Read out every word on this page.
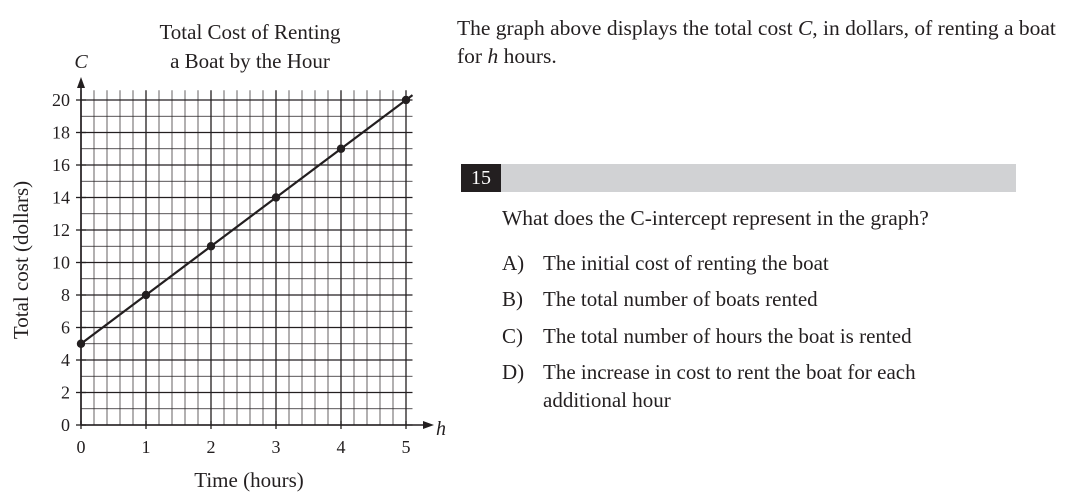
Total Cost of Renting
a Boat by the Hour
C
h
Time (hours)
Total cost (dollars)
0	1	2	3	4	5
0
2
4
6
8
10
12
14
16
18
20
The graph above displays the total cost C, in dollars, of renting a boat for h hours.
15
What does the C-intercept represent in the graph?
A) The initial cost of renting the boat
B) The total number of boats rented
C) The total number of hours the boat is rented
D) The increase in cost to rent the boat for each additional hour
